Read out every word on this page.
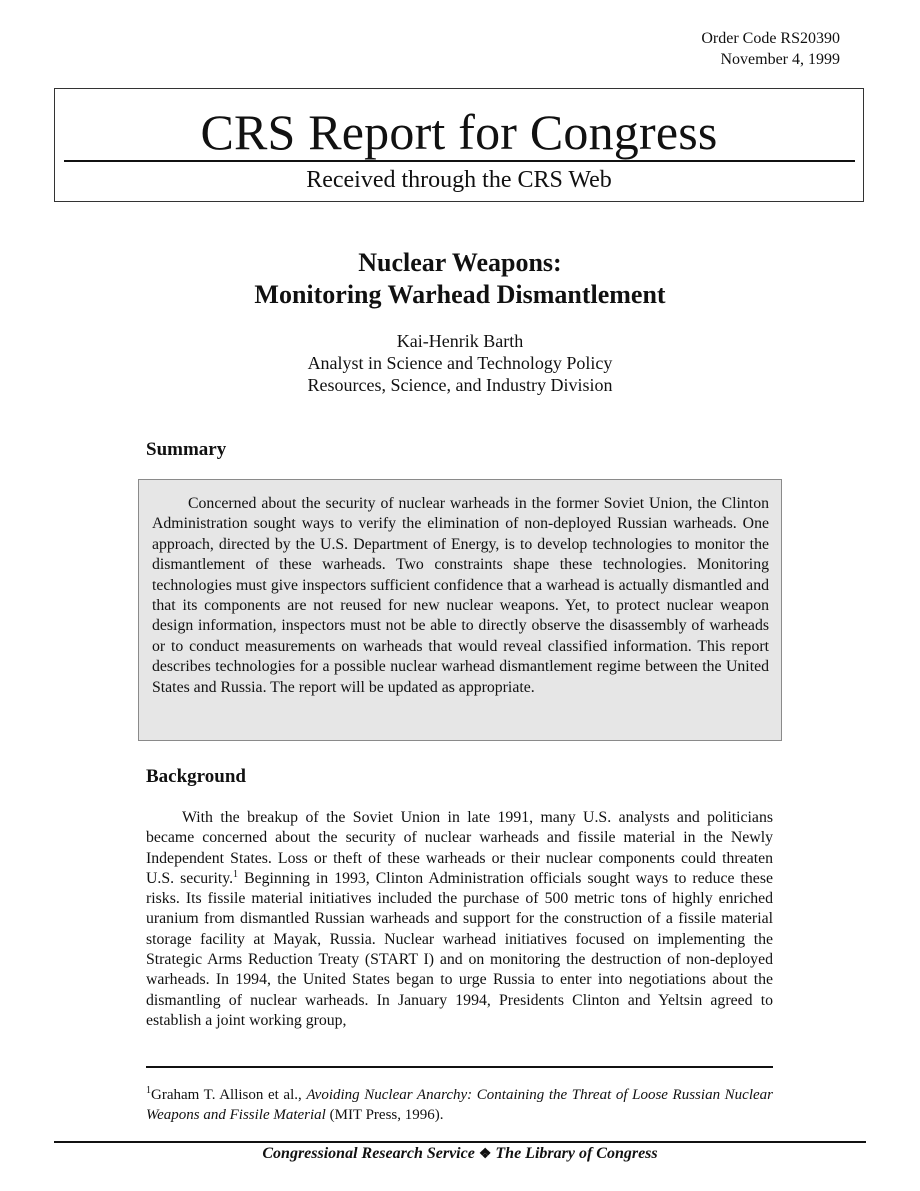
Order Code RS20390
November 4, 1999
CRS Report for Congress
Received through the CRS Web
Nuclear Weapons:
Monitoring Warhead Dismantlement
Kai-Henrik Barth
Analyst in Science and Technology Policy
Resources, Science, and Industry Division
Summary
Concerned about the security of nuclear warheads in the former Soviet Union, the Clinton Administration sought ways to verify the elimination of non-deployed Russian warheads. One approach, directed by the U.S. Department of Energy, is to develop technologies to monitor the dismantlement of these warheads. Two constraints shape these technologies. Monitoring technologies must give inspectors sufficient confidence that a warhead is actually dismantled and that its components are not reused for new nuclear weapons. Yet, to protect nuclear weapon design information, inspectors must not be able to directly observe the disassembly of warheads or to conduct measurements on warheads that would reveal classified information. This report describes technologies for a possible nuclear warhead dismantlement regime between the United States and Russia. The report will be updated as appropriate.
Background
With the breakup of the Soviet Union in late 1991, many U.S. analysts and politicians became concerned about the security of nuclear warheads and fissile material in the Newly Independent States. Loss or theft of these warheads or their nuclear components could threaten U.S. security.$^1$ Beginning in 1993, Clinton Administration officials sought ways to reduce these risks. Its fissile material initiatives included the purchase of 500 metric tons of highly enriched uranium from dismantled Russian warheads and support for the construction of a fissile material storage facility at Mayak, Russia. Nuclear warhead initiatives focused on implementing the Strategic Arms Reduction Treaty (START I) and on monitoring the destruction of non-deployed warheads. In 1994, the United States began to urge Russia to enter into negotiations about the dismantling of nuclear warheads. In January 1994, Presidents Clinton and Yeltsin agreed to establish a joint working group,
$^1$Graham T. Allison et al., Avoiding Nuclear Anarchy: Containing the Threat of Loose Russian Nuclear Weapons and Fissile Material (MIT Press, 1996).
Congressional Research Service ❖ The Library of Congress
